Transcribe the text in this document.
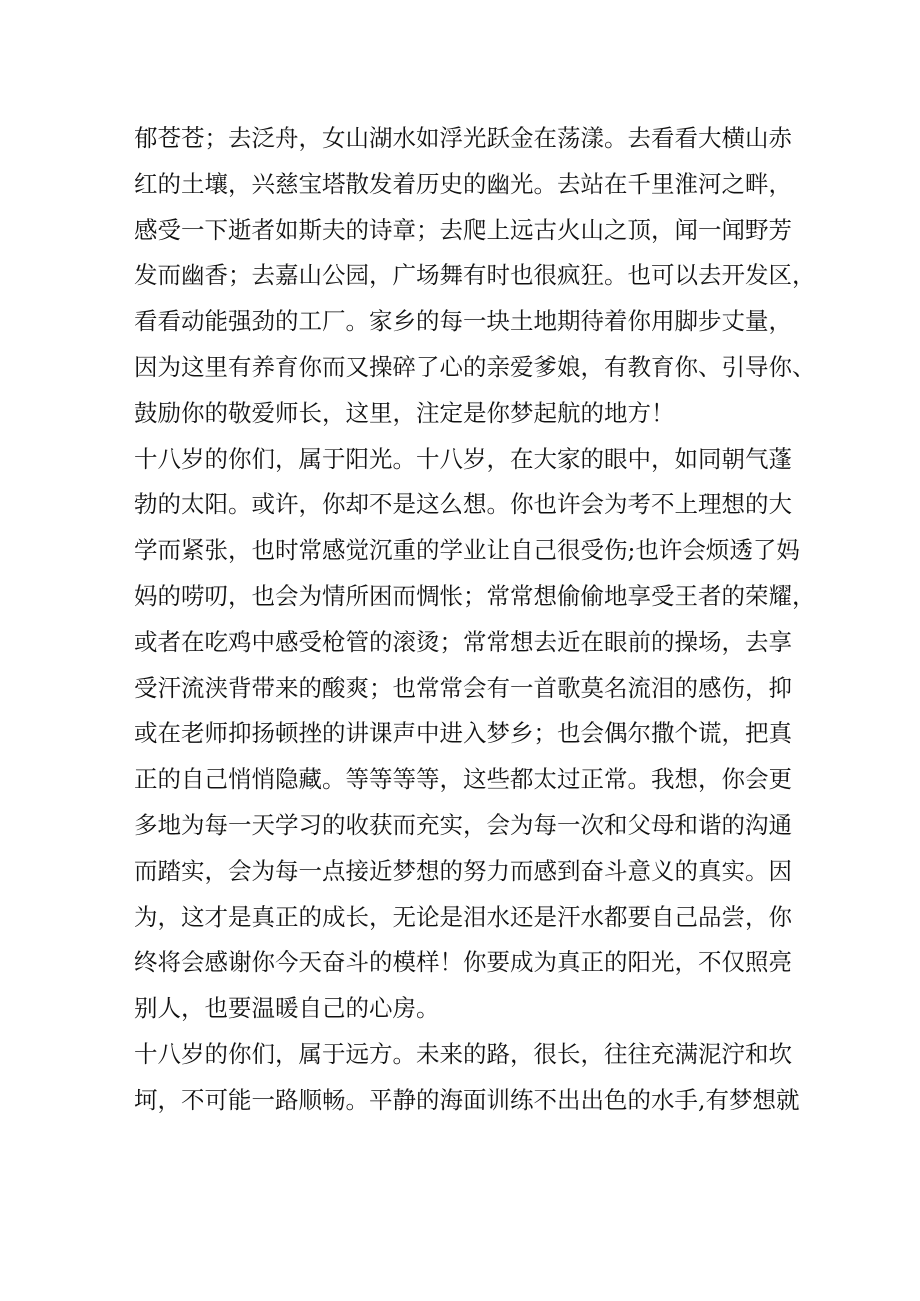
郁苍苍；去泛舟，女山湖水如浮光跃金在荡漾。去看看大横山赤
红的土壤，兴慈宝塔散发着历史的幽光。去站在千里淮河之畔，
感受一下逝者如斯夫的诗章；去爬上远古火山之顶，闻一闻野芳
发而幽香；去嘉山公园，广场舞有时也很疯狂。也可以去开发区，
看看动能强劲的工厂。家乡的每一块土地期待着你用脚步丈量，
因为这里有养育你而又操碎了心的亲爱爹娘，有教育你、引导你、
鼓励你的敬爱师长，这里，注定是你梦起航的地方！
十八岁的你们，属于阳光。十八岁，在大家的眼中，如同朝气蓬
勃的太阳。或许，你却不是这么想。你也许会为考不上理想的大
学而紧张，也时常感觉沉重的学业让自己很受伤;也许会烦透了妈
妈的唠叨，也会为情所困而惆怅；常常想偷偷地享受王者的荣耀，
或者在吃鸡中感受枪管的滚烫；常常想去近在眼前的操场，去享
受汗流浃背带来的酸爽；也常常会有一首歌莫名流泪的感伤，抑
或在老师抑扬顿挫的讲课声中进入梦乡；也会偶尔撒个谎，把真
正的自己悄悄隐藏。等等等等，这些都太过正常。我想，你会更
多地为每一天学习的收获而充实，会为每一次和父母和谐的沟通
而踏实，会为每一点接近梦想的努力而感到奋斗意义的真实。因
为，这才是真正的成长，无论是泪水还是汗水都要自己品尝，你
终将会感谢你今天奋斗的模样！你要成为真正的阳光，不仅照亮
别人，也要温暖自己的心房。
十八岁的你们，属于远方。未来的路，很长，往往充满泥泞和坎
坷，不可能一路顺畅。平静的海面训练不出出色的水手,有梦想就
